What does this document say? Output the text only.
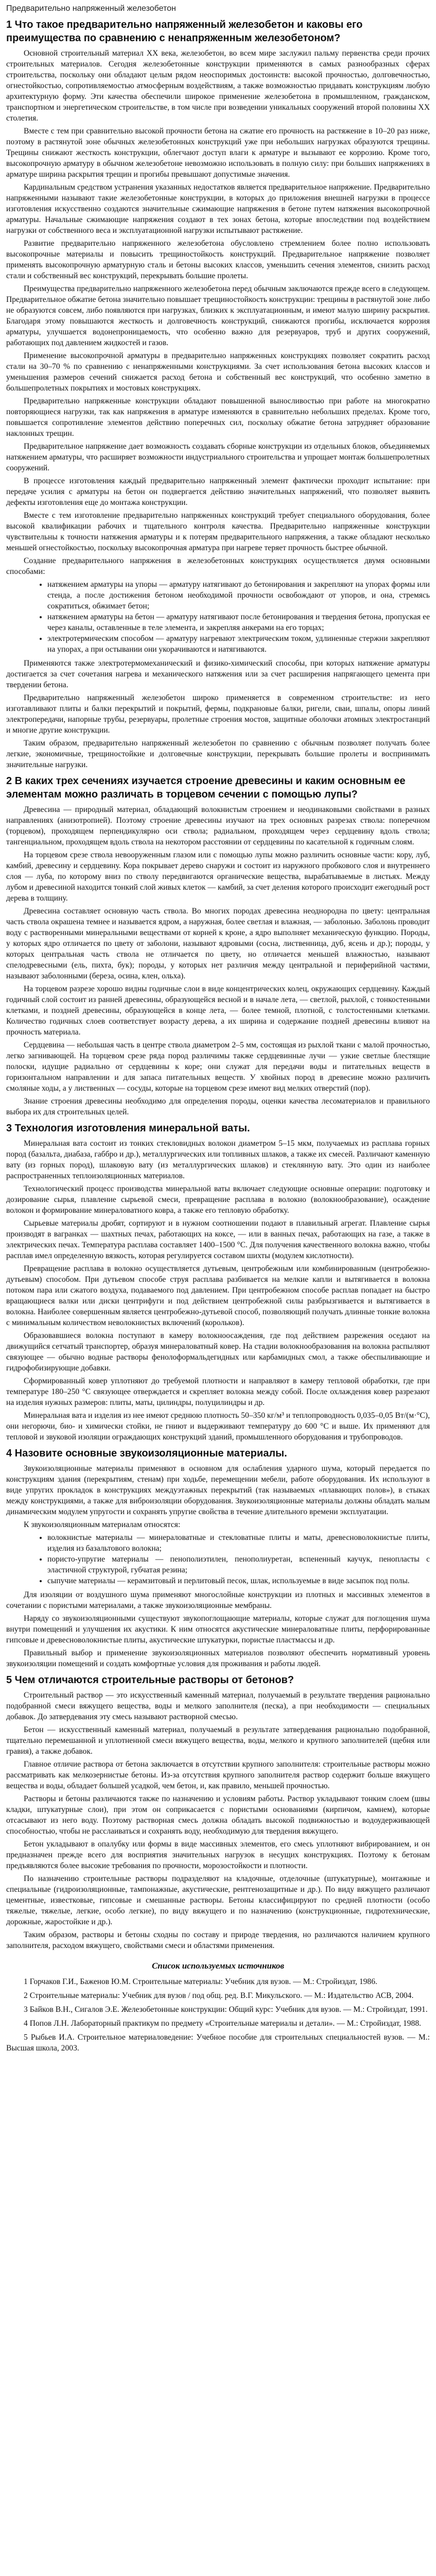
Предварительно напряженный железобетон
1 Что такое предварительно напряженный железобетон и каковы его преимущества по сравнению с ненапряженным железобетоном?

Основной строительный материал XX века, железобетон, во всем мире заслужил пальму первенства среди прочих строительных материалов. Сегодня железобетонные конструкции применяются в самых разнообразных сферах строительства, поскольку они обладают целым рядом неоспоримых достоинств: высокой прочностью, долговечностью, огнестойкостью, сопротивляемостью атмосферным воздействиям, а также возможностью придавать конструкциям любую архитектурную форму. Эти качества обеспечили широкое применение железобетона в промышленном, гражданском, транспортном и энергетическом строительстве, в том числе при возведении уникальных сооружений второй половины XX столетия.

Вместе с тем при сравнительно высокой прочности бетона на сжатие его прочность на растяжение в 10–20 раз ниже, поэтому в растянутой зоне обычных железобетонных конструкций уже при небольших нагрузках образуются трещины. Трещины снижают жесткость конструкции, облегчают доступ влаги к арматуре и вызывают ее коррозию. Кроме того, высокопрочную арматуру в обычном железобетоне невозможно использовать в полную силу: при больших напряжениях в арматуре ширина раскрытия трещин и прогибы превышают допустимые значения.

Кардинальным средством устранения указанных недостатков является предварительное напряжение. Предварительно напряженными называют такие железобетонные конструкции, в которых до приложения внешней нагрузки в процессе изготовления искусственно создаются значительные сжимающие напряжения в бетоне путем натяжения высокопрочной арматуры. Начальные сжимающие напряжения создают в тех зонах бетона, которые впоследствии под воздействием нагрузки от собственного веса и эксплуатационной нагрузки испытывают растяжение.

Развитие предварительно напряженного железобетона обусловлено стремлением более полно использовать высокопрочные материалы и повысить трещиностойкость конструкций. Предварительное напряжение позволяет применять высокопрочную арматурную сталь и бетоны высоких классов, уменьшить сечения элементов, снизить расход стали и собственный вес конструкций, перекрывать большие пролеты.

Преимущества предварительно напряженного железобетона перед обычным заключаются прежде всего в следующем. Предварительное обжатие бетона значительно повышает трещиностойкость конструкции: трещины в растянутой зоне либо не образуются совсем, либо появляются при нагрузках, близких к эксплуатационным, и имеют малую ширину раскрытия. Благодаря этому повышаются жесткость и долговечность конструкций, снижаются прогибы, исключается коррозия арматуры, улучшается водонепроницаемость, что особенно важно для резервуаров, труб и других сооружений, работающих под давлением жидкостей и газов.

Применение высокопрочной арматуры в предварительно напряженных конструкциях позволяет сократить расход стали на 30–70 % по сравнению с ненапряженными конструкциями. За счет использования бетона высоких классов и уменьшения размеров сечений снижается расход бетона и собственный вес конструкций, что особенно заметно в большепролетных покрытиях и мостовых конструкциях.

Предварительно напряженные конструкции обладают повышенной выносливостью при работе на многократно повторяющиеся нагрузки, так как напряжения в арматуре изменяются в сравнительно небольших пределах. Кроме того, повышается сопротивление элементов действию поперечных сил, поскольку обжатие бетона затрудняет образование наклонных трещин.

Предварительное напряжение дает возможность создавать сборные конструкции из отдельных блоков, объединяемых натяжением арматуры, что расширяет возможности индустриального строительства и упрощает монтаж большепролетных сооружений.

В процессе изготовления каждый предварительно напряженный элемент фактически проходит испытание: при передаче усилия с арматуры на бетон он подвергается действию значительных напряжений, что позволяет выявить дефекты изготовления еще до монтажа конструкции.

Вместе с тем изготовление предварительно напряженных конструкций требует специального оборудования, более высокой квалификации рабочих и тщательного контроля качества. Предварительно напряженные конструкции чувствительны к точности натяжения арматуры и к потерям предварительного напряжения, а также обладают несколько меньшей огнестойкостью, поскольку высокопрочная арматура при нагреве теряет прочность быстрее обычной.

Создание предварительного напряжения в железобетонных конструкциях осуществляется двумя основными способами:

• натяжением арматуры на упоры — арматуру натягивают до бетонирования и закрепляют на упорах формы или стенда, а после достижения бетоном необходимой прочности освобождают от упоров, и она, стремясь сократиться, обжимает бетон;
• натяжением арматуры на бетон — арматуру натягивают после бетонирования и твердения бетона, пропуская ее через каналы, оставленные в теле элемента, и закрепляя анкерами на его торцах;
• электротермическим способом — арматуру нагревают электрическим током, удлиненные стержни закрепляют на упорах, а при остывании они укорачиваются и натягиваются.

Применяются также электротермомеханический и физико-химический способы, при которых натяжение арматуры достигается за счет сочетания нагрева и механического натяжения или за счет расширения напрягающего цемента при твердении бетона.

Предварительно напряженный железобетон широко применяется в современном строительстве: из него изготавливают плиты и балки перекрытий и покрытий, фермы, подкрановые балки, ригели, сваи, шпалы, опоры линий электропередачи, напорные трубы, резервуары, пролетные строения мостов, защитные оболочки атомных электростанций и многие другие конструкции.

Таким образом, предварительно напряженный железобетон по сравнению с обычным позволяет получать более легкие, экономичные, трещиностойкие и долговечные конструкции, перекрывать большие пролеты и воспринимать значительные нагрузки.

2 В каких трех сечениях изучается строение древесины и каким основным ее элементам можно различать в торцевом сечении с помощью лупы?

Древесина — природный материал, обладающий волокнистым строением и неодинаковыми свойствами в разных направлениях (анизотропией). Поэтому строение древесины изучают на трех основных разрезах ствола: поперечном (торцевом), проходящем перпендикулярно оси ствола; радиальном, проходящем через сердцевину вдоль ствола; тангенциальном, проходящем вдоль ствола на некотором расстоянии от сердцевины по касательной к годичным слоям.

На торцевом срезе ствола невооруженным глазом или с помощью лупы можно различить основные части: кору, луб, камбий, древесину и сердцевину. Кора покрывает дерево снаружи и состоит из наружного пробкового слоя и внутреннего слоя — луба, по которому вниз по стволу передвигаются органические вещества, вырабатываемые в листьях. Между лубом и древесиной находится тонкий слой живых клеток — камбий, за счет деления которого происходит ежегодный рост дерева в толщину.

Древесина составляет основную часть ствола. Во многих породах древесина неоднородна по цвету: центральная часть ствола окрашена темнее и называется ядром, а наружная, более светлая и влажная, — заболонью. Заболонь проводит воду с растворенными минеральными веществами от корней к кроне, а ядро выполняет механическую функцию. Породы, у которых ядро отличается по цвету от заболони, называют ядровыми (сосна, лиственница, дуб, ясень и др.); породы, у которых центральная часть ствола не отличается по цвету, но отличается меньшей влажностью, называют спелодревесными (ель, пихта, бук); породы, у которых нет различия между центральной и периферийной частями, называют заболонными (береза, осина, клен, ольха).

На торцевом разрезе хорошо видны годичные слои в виде концентрических колец, окружающих сердцевину. Каждый годичный слой состоит из ранней древесины, образующейся весной и в начале лета, — светлой, рыхлой, с тонкостенными клетками, и поздней древесины, образующейся в конце лета, — более темной, плотной, с толстостенными клетками. Количество годичных слоев соответствует возрасту дерева, а их ширина и содержание поздней древесины влияют на прочность материала.

Сердцевина — небольшая часть в центре ствола диаметром 2–5 мм, состоящая из рыхлой ткани с малой прочностью, легко загнивающей. На торцевом срезе ряда пород различимы также сердцевинные лучи — узкие светлые блестящие полоски, идущие радиально от сердцевины к коре; они служат для передачи воды и питательных веществ в горизонтальном направлении и для запаса питательных веществ. У хвойных пород в древесине можно различить смоляные ходы, а у лиственных — сосуды, которые на торцевом срезе имеют вид мелких отверстий (пор).

Знание строения древесины необходимо для определения породы, оценки качества лесоматериалов и правильного выбора их для строительных целей.

3 Технология изготовления минеральной ваты.

Минеральная вата состоит из тонких стекловидных волокон диаметром 5–15 мкм, получаемых из расплава горных пород (базальта, диабаза, габбро и др.), металлургических или топливных шлаков, а также их смесей. Различают каменную вату (из горных пород), шлаковую вату (из металлургических шлаков) и стеклянную вату. Это один из наиболее распространенных теплоизоляционных материалов.

Технологический процесс производства минеральной ваты включает следующие основные операции: подготовку и дозирование сырья, плавление сырьевой смеси, превращение расплава в волокно (волокнообразование), осаждение волокон и формирование минераловатного ковра, а также его тепловую обработку.

Сырьевые материалы дробят, сортируют и в нужном соотношении подают в плавильный агрегат. Плавление сырья производят в вагранках — шахтных печах, работающих на коксе, — или в ванных печах, работающих на газе, а также в электрических печах. Температура расплава составляет 1400–1500 °C. Для получения качественного волокна важно, чтобы расплав имел определенную вязкость, которая регулируется составом шихты (модулем кислотности).

Превращение расплава в волокно осуществляется дутьевым, центробежным или комбинированным (центробежно-дутьевым) способом. При дутьевом способе струя расплава разбивается на мелкие капли и вытягивается в волокна потоком пара или сжатого воздуха, подаваемого под давлением. При центробежном способе расплав попадает на быстро вращающиеся валки или диски центрифуги и под действием центробежной силы разбрызгивается и вытягивается в волокна. Наиболее совершенным является центробежно-дутьевой способ, позволяющий получать длинные тонкие волокна с минимальным количеством неволокнистых включений (корольков).

Образовавшиеся волокна поступают в камеру волокноосаждения, где под действием разрежения оседают на движущийся сетчатый транспортер, образуя минераловатный ковер. На стадии волокнообразования на волокна распыляют связующее — обычно водные растворы фенолоформальдегидных или карбамидных смол, а также обеспыливающие и гидрофобизирующие добавки.

Сформированный ковер уплотняют до требуемой плотности и направляют в камеру тепловой обработки, где при температуре 180–250 °C связующее отверждается и скрепляет волокна между собой. После охлаждения ковер разрезают на изделия нужных размеров: плиты, маты, цилиндры, полуцилиндры и др.

Минеральная вата и изделия из нее имеют среднюю плотность 50–350 кг/м³ и теплопроводность 0,035–0,05 Вт/(м·°C), они негорючи, био- и химически стойки, не гниют и выдерживают температуру до 600 °C и выше. Их применяют для тепловой и звуковой изоляции ограждающих конструкций зданий, промышленного оборудования и трубопроводов.

4 Назовите основные звукоизоляционные материалы.

Звукоизоляционные материалы применяют в основном для ослабления ударного шума, который передается по конструкциям здания (перекрытиям, стенам) при ходьбе, перемещении мебели, работе оборудования. Их используют в виде упругих прокладок в конструкциях междуэтажных перекрытий (так называемых «плавающих полов»), в стыках между конструкциями, а также для виброизоляции оборудования. Звукоизоляционные материалы должны обладать малым динамическим модулем упругости и сохранять упругие свойства в течение длительного времени эксплуатации.

К звукоизоляционным материалам относятся:

• волокнистые материалы — минераловатные и стекловатные плиты и маты, древесноволокнистые плиты, изделия из базальтового волокна;
• пористо-упругие материалы — пенополиэтилен, пенополиуретан, вспененный каучук, пенопласты с эластичной структурой, губчатая резина;
• сыпучие материалы — керамзитовый и перлитовый песок, шлак, используемые в виде засыпок под полы.

Для изоляции от воздушного шума применяют многослойные конструкции из плотных и массивных элементов в сочетании с пористыми материалами, а также звукоизоляционные мембраны.

Наряду со звукоизоляционными существуют звукопоглощающие материалы, которые служат для поглощения шума внутри помещений и улучшения их акустики. К ним относятся акустические минераловатные плиты, перфорированные гипсовые и древесноволокнистые плиты, акустические штукатурки, пористые пластмассы и др.

Правильный выбор и применение звукоизоляционных материалов позволяют обеспечить нормативный уровень звукоизоляции помещений и создать комфортные условия для проживания и работы людей.

5 Чем отличаются строительные растворы от бетонов?

Строительный раствор — это искусственный каменный материал, получаемый в результате твердения рационально подобранной смеси вяжущего вещества, воды и мелкого заполнителя (песка), а при необходимости — специальных добавок. До затвердевания эту смесь называют растворной смесью.

Бетон — искусственный каменный материал, получаемый в результате затвердевания рационально подобранной, тщательно перемешанной и уплотненной смеси вяжущего вещества, воды, мелкого и крупного заполнителей (щебня или гравия), а также добавок.

Главное отличие раствора от бетона заключается в отсутствии крупного заполнителя: строительные растворы можно рассматривать как мелкозернистые бетоны. Из-за отсутствия крупного заполнителя раствор содержит больше вяжущего вещества и воды, обладает большей усадкой, чем бетон, и, как правило, меньшей прочностью.

Растворы и бетоны различаются также по назначению и условиям работы. Раствор укладывают тонким слоем (швы кладки, штукатурные слои), при этом он соприкасается с пористыми основаниями (кирпичом, камнем), которые отсасывают из него воду. Поэтому растворная смесь должна обладать высокой подвижностью и водоудерживающей способностью, чтобы не расслаиваться и сохранять воду, необходимую для твердения вяжущего.

Бетон укладывают в опалубку или формы в виде массивных элементов, его смесь уплотняют вибрированием, и он предназначен прежде всего для восприятия значительных нагрузок в несущих конструкциях. Поэтому к бетонам предъявляются более высокие требования по прочности, морозостойкости и плотности.

По назначению строительные растворы подразделяют на кладочные, отделочные (штукатурные), монтажные и специальные (гидроизоляционные, тампонажные, акустические, рентгенозащитные и др.). По виду вяжущего различают цементные, известковые, гипсовые и смешанные растворы. Бетоны классифицируют по средней плотности (особо тяжелые, тяжелые, легкие, особо легкие), по виду вяжущего и по назначению (конструкционные, гидротехнические, дорожные, жаростойкие и др.).

Таким образом, растворы и бетоны сходны по составу и природе твердения, но различаются наличием крупного заполнителя, расходом вяжущего, свойствами смеси и областями применения.

Список используемых источников
1 Горчаков Г.И., Баженов Ю.М. Строительные материалы: Учебник для вузов. — М.: Стройиздат, 1986.
2 Строительные материалы: Учебник для вузов / под общ. ред. В.Г. Микульского. — М.: Издательство АСВ, 2004.
3 Байков В.Н., Сигалов Э.Е. Железобетонные конструкции: Общий курс: Учебник для вузов. — М.: Стройиздат, 1991.
4 Попов Л.Н. Лабораторный практикум по предмету «Строительные материалы и детали». — М.: Стройиздат, 1988.
5 Рыбьев И.А. Строительное материаловедение: Учебное пособие для строительных специальностей вузов. — М.: Высшая школа, 2003.
